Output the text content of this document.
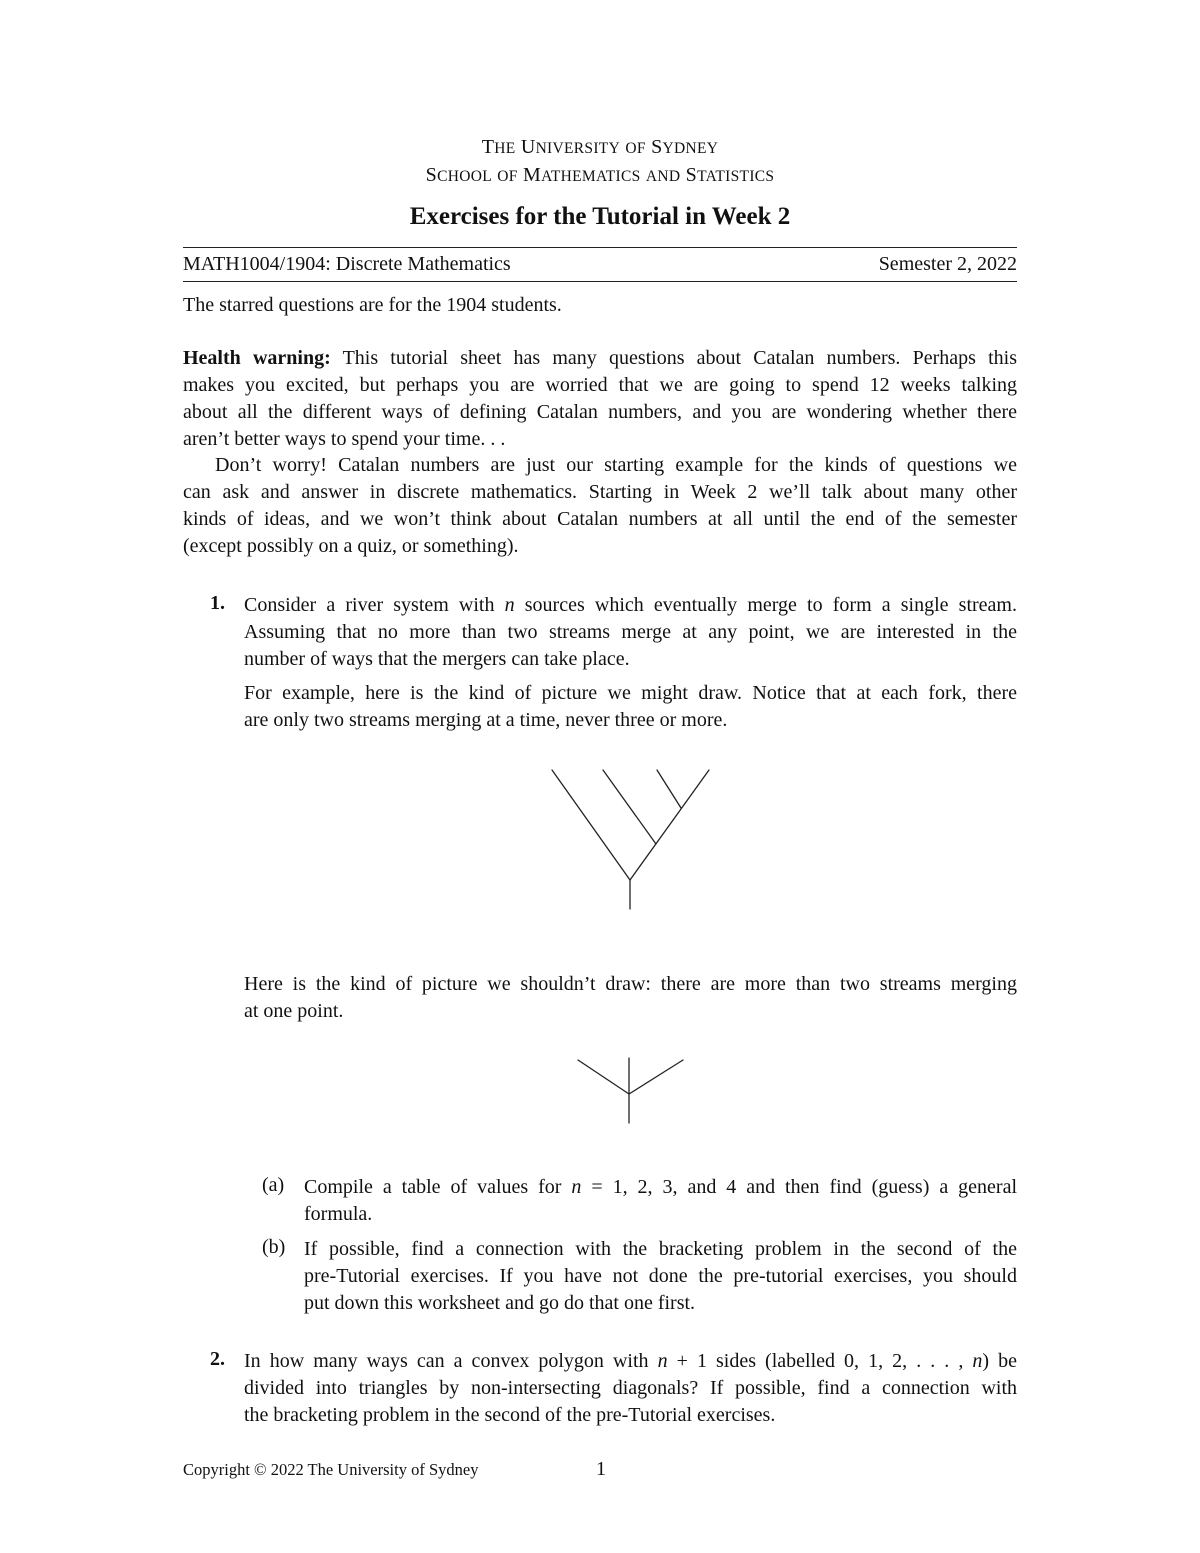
THE UNIVERSITY OF SYDNEY
SCHOOL OF MATHEMATICS AND STATISTICS
Exercises for the Tutorial in Week 2
MATH1004/1904: Discrete Mathematics	Semester 2, 2022
The starred questions are for the 1904 students.
Health warning: This tutorial sheet has many questions about Catalan numbers. Perhaps this
makes you excited, but perhaps you are worried that we are going to spend 12 weeks talking
about all the different ways of defining Catalan numbers, and you are wondering whether there
aren’t better ways to spend your time. . .
Don’t worry! Catalan numbers are just our starting example for the kinds of questions we
can ask and answer in discrete mathematics. Starting in Week 2 we’ll talk about many other
kinds of ideas, and we won’t think about Catalan numbers at all until the end of the semester
(except possibly on a quiz, or something).
1. Consider a river system with n sources which eventually merge to form a single stream.
Assuming that no more than two streams merge at any point, we are interested in the
number of ways that the mergers can take place.
For example, here is the kind of picture we might draw. Notice that at each fork, there
are only two streams merging at a time, never three or more.
Here is the kind of picture we shouldn’t draw: there are more than two streams merging
at one point.
(a) Compile a table of values for n = 1, 2, 3, and 4 and then find (guess) a general
formula.
(b) If possible, find a connection with the bracketing problem in the second of the
pre-Tutorial exercises. If you have not done the pre-tutorial exercises, you should
put down this worksheet and go do that one first.
2. In how many ways can a convex polygon with n + 1 sides (labelled 0, 1, 2, . . . , n) be
divided into triangles by non-intersecting diagonals? If possible, find a connection with
the bracketing problem in the second of the pre-Tutorial exercises.
Copyright © 2022 The University of Sydney	1
